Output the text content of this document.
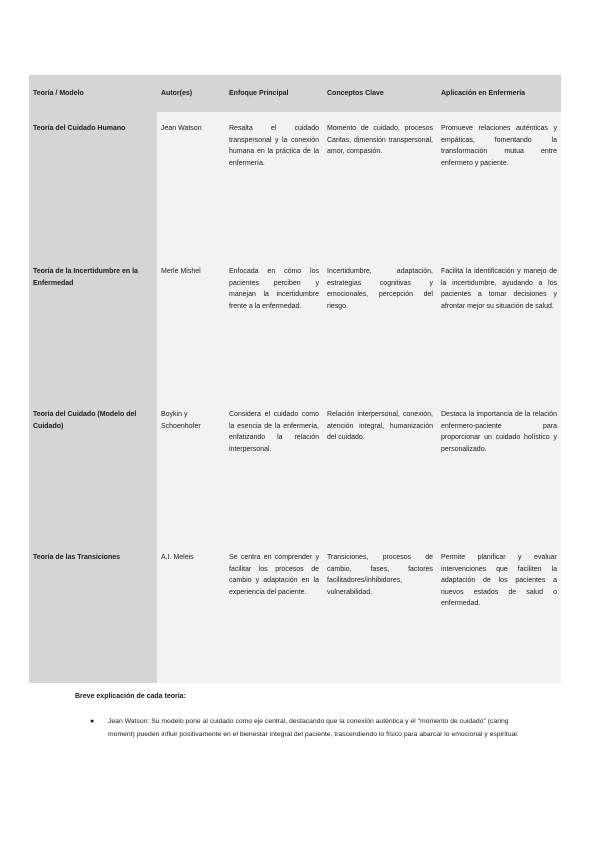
Teoría / Modelo	Autor(es)	Enfoque Principal	Conceptos Clave	Aplicación en Enfermería
Teoría del Cuidado Humano	Jean Watson	Resalta el cuidado transpersonal y la conexión humana en la práctica de la enfermería.	Momento de cuidado, procesos Caritas, dimensión transpersonal, amor, compasión.	Promueve relaciones auténticas y empáticas, fomentando la transformación mutua entre enfermero y paciente.
Teoría de la Incertidumbre en la Enfermedad	Merle Mishel	Enfocada en cómo los pacientes perciben y manejan la incertidumbre frente a la enfermedad.	Incertidumbre, adaptación, estrategias cognitivas y emocionales, percepción del riesgo.	Facilita la identificación y manejo de la incertidumbre, ayudando a los pacientes a tomar decisiones y afrontar mejor su situación de salud.
Teoría del Cuidado (Modelo del Cuidado)	Boykin y Schoenhofer	Considera el cuidado como la esencia de la enfermería, enfatizando la relación interpersonal.	Relación interpersonal, conexión, atención integral, humanización del cuidado.	Destaca la importancia de la relación enfermero-paciente para proporcionar un cuidado holístico y personalizado.
Teoría de las Transiciones	A.I. Meleis	Se centra en comprender y facilitar los procesos de cambio y adaptación en la experiencia del paciente.	Transiciones, procesos de cambio, fases, factores facilitadores/inhibidores, vulnerabilidad.	Permite planificar y evaluar intervenciones que faciliten la adaptación de los pacientes a nuevos estados de salud o enfermedad.
Breve explicación de cada teoría:
● Jean Watson: Su modelo pone al cuidado como eje central, destacando que la conexión auténtica y el "momento de cuidado" (caring moment) pueden influir positivamente en el bienestar integral del paciente, trascendiendo lo físico para abarcar lo emocional y espiritual.
